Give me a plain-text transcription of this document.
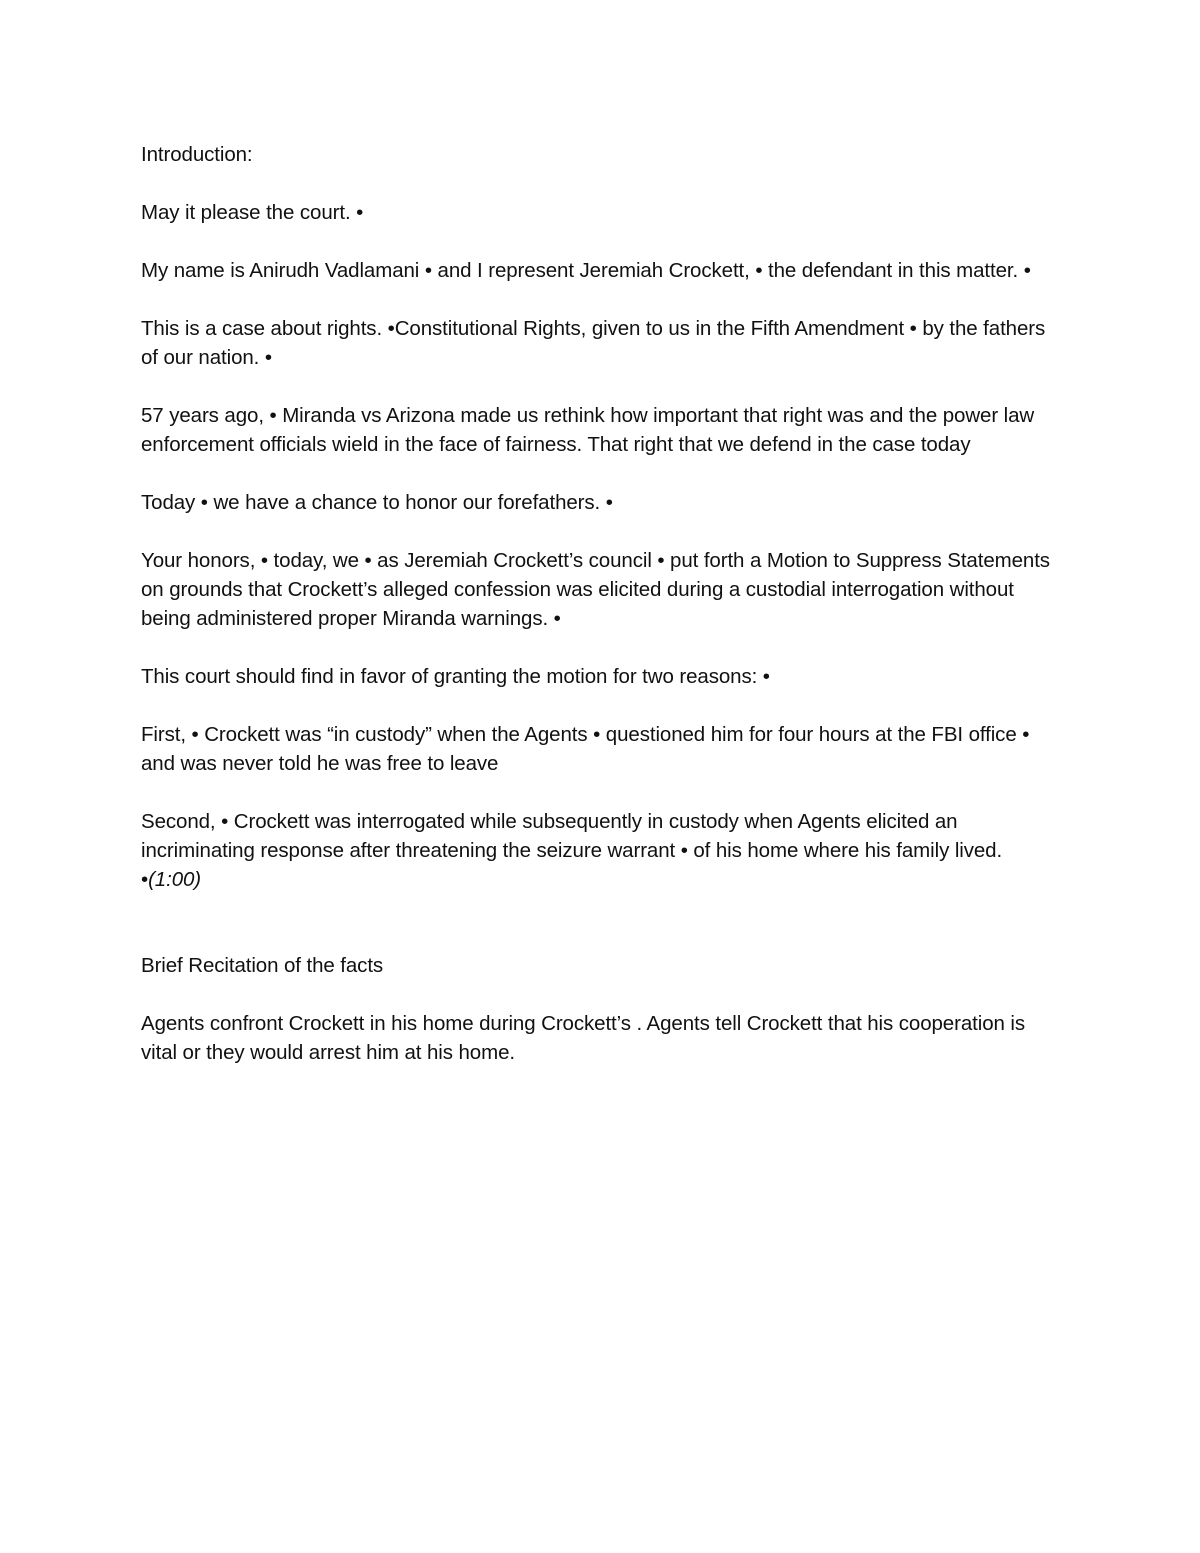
Introduction:

May it please the court. •

My name is Anirudh Vadlamani • and I represent Jeremiah Crockett, • the defendant in this matter. •

This is a case about rights. •Constitutional Rights, given to us in the Fifth Amendment • by the fathers of our nation. •

57 years ago, • Miranda vs Arizona made us rethink how important that right was and the power law enforcement officials wield in the face of fairness. That right that we defend in the case today

Today • we have a chance to honor our forefathers. •

Your honors, • today, we • as Jeremiah Crockett’s council • put forth a Motion to Suppress Statements on grounds that Crockett’s alleged confession was elicited during a custodial interrogation without being administered proper Miranda warnings. •

This court should find in favor of granting the motion for two reasons: •

First, • Crockett was “in custody” when the Agents • questioned him for four hours at the FBI office • and was never told he was free to leave

Second, • Crockett was interrogated while subsequently in custody when Agents elicited an incriminating response after threatening the seizure warrant • of his home where his family lived. •(1:00)

Brief Recitation of the facts

Agents confront Crockett in his home during Crockett’s . Agents tell Crockett that his cooperation is vital or they would arrest him at his home.
